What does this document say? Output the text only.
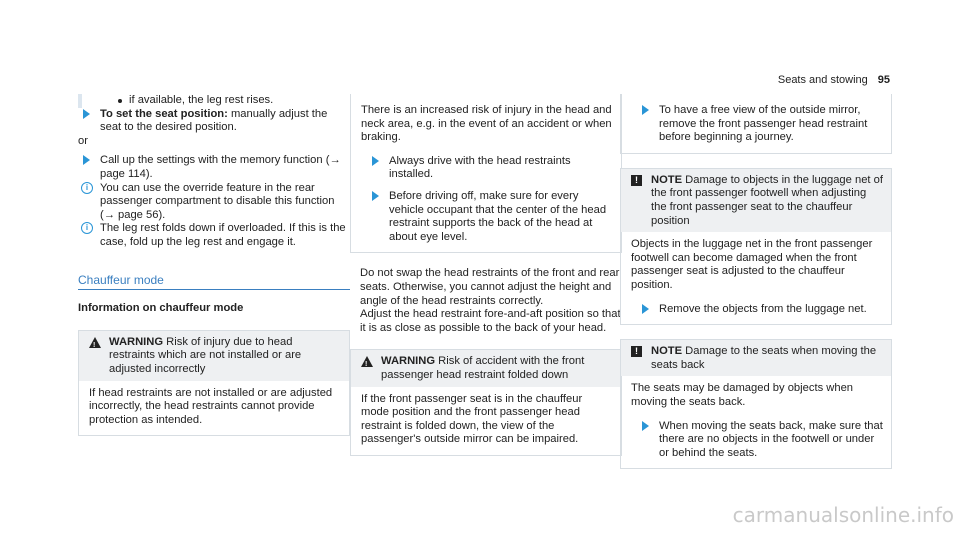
Seats and stowing 95

if available, the leg rest rises.

To set the seat position: manually adjust the seat to the desired position.

or

Call up the settings with the memory function (→ page 114).

i	You can use the override feature in the rear passenger compartment to disable this function (→ page 56).

i	The leg rest folds down if overloaded. If this is the case, fold up the leg rest and engage it.

Chauffeur mode
Information on chauffeur mode
!

WARNING Risk of injury due to head restraints which are not installed or are adjusted incorrectly

If head restraints are not installed or are adjusted incorrectly, the head restraints cannot provide protection as intended.

There is an increased risk of injury in the head and neck area, e.g. in the event of an accident or when braking.

Always drive with the head restraints installed.

Before driving off, make sure for every vehicle occupant that the center of the head restraint supports the back of the head at about eye level.

Do not swap the head restraints of the front and rear seats. Otherwise, you cannot adjust the height and angle of the head restraints correctly.

Adjust the head restraint fore-and-aft position so that it is as close as possible to the back of your head.

!

WARNING Risk of accident with the front passenger head restraint folded down

If the front passenger seat is in the chauffeur mode position and the front passenger head restraint is folded down, the view of the passenger's outside mirror can be impaired.

To have a free view of the outside mirror, remove the front passenger head restraint before beginning a journey.

!	NOTE Damage to objects in the luggage net of the front passenger footwell when adjusting the front passenger seat to the chauffeur position

Objects in the luggage net in the front passenger footwell can become damaged when the front passenger seat is adjusted to the chauffeur position.

Remove the objects from the luggage net.

!	NOTE Damage to the seats when moving the seats back

The seats may be damaged by objects when moving the seats back.

When moving the seats back, make sure that there are no objects in the footwell or under or behind the seats.

carmanualsonline.info
